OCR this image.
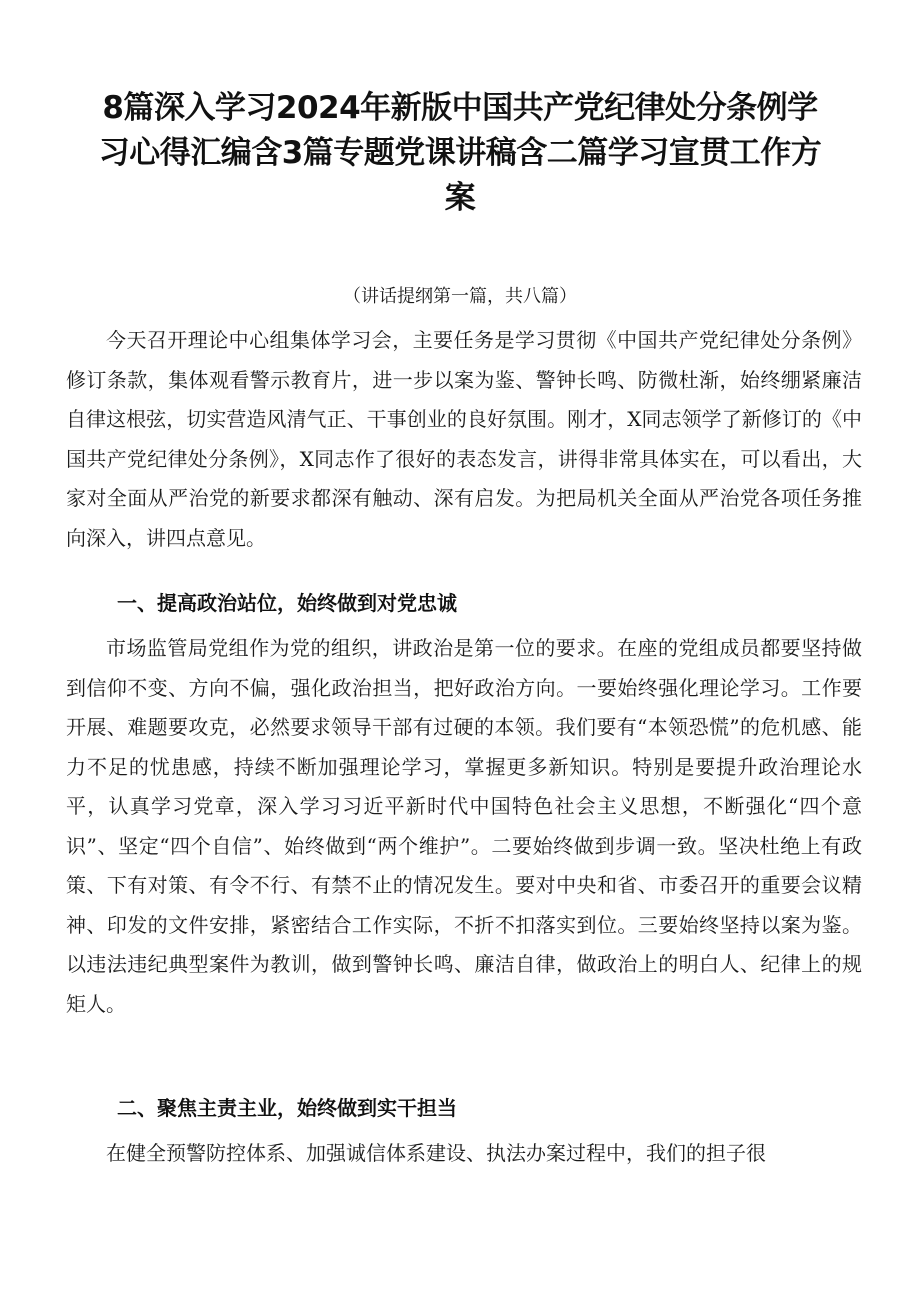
8篇深入学习2024年新版中国共产党纪律处分条例学习心得汇编含3篇专题党课讲稿含二篇学习宣贯工作方案
（讲话提纲第一篇，共八篇）

今天召开理论中心组集体学习会，主要任务是学习贯彻《中国共产党纪律处分条例》修订条款，集体观看警示教育片，进一步以案为鉴、警钟长鸣、防微杜渐，始终绷紧廉洁自律这根弦，切实营造风清气正、干事创业的良好氛围。刚才，X同志领学了新修订的《中国共产党纪律处分条例》，X同志作了很好的表态发言，讲得非常具体实在，可以看出，大家对全面从严治党的新要求都深有触动、深有启发。为把局机关全面从严治党各项任务推向深入，讲四点意见。

一、提高政治站位，始终做到对党忠诚

市场监管局党组作为党的组织，讲政治是第一位的要求。在座的党组成员都要坚持做到信仰不变、方向不偏，强化政治担当，把好政治方向。一要始终强化理论学习。工作要开展、难题要攻克，必然要求领导干部有过硬的本领。我们要有“本领恐慌”的危机感、能力不足的忧患感，持续不断加强理论学习，掌握更多新知识。特别是要提升政治理论水平，认真学习党章，深入学习习近平新时代中国特色社会主义思想，不断强化“四个意识”、坚定“四个自信”、始终做到“两个维护”。二要始终做到步调一致。坚决杜绝上有政策、下有对策、有令不行、有禁不止的情况发生。要对中央和省、市委召开的重要会议精神、印发的文件安排，紧密结合工作实际，不折不扣落实到位。三要始终坚持以案为鉴。以违法违纪典型案件为教训，做到警钟长鸣、廉洁自律，做政治上的明白人、纪律上的规矩人。

二、聚焦主责主业，始终做到实干担当

在健全预警防控体系、加强诚信体系建设、执法办案过程中，我们的担子很
